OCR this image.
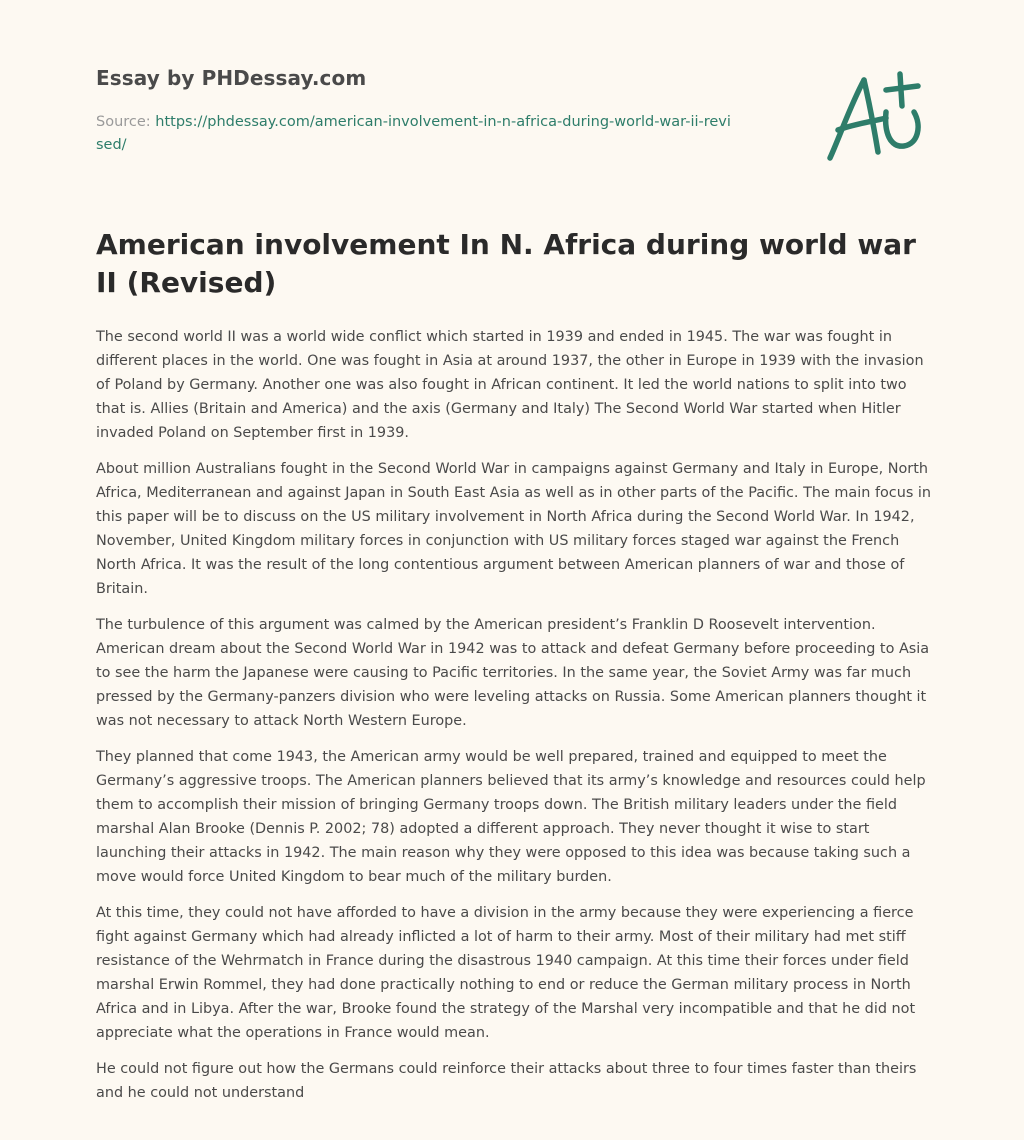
Essay by PHDessay.com

Source: https://phdessay.com/american-involvement-in-n-africa-during-world-war-ii-revised/

American involvement In N. Africa during world war II (Revised)

The second world II was a world wide conflict which started in 1939 and ended in 1945. The war was fought in different places in the world. One was fought in Asia at around 1937, the other in Europe in 1939 with the invasion of Poland by Germany. Another one was also fought in African continent. It led the world nations to split into two that is. Allies (Britain and America) and the axis (Germany and Italy) The Second World War started when Hitler invaded Poland on September first in 1939.

About million Australians fought in the Second World War in campaigns against Germany and Italy in Europe, North Africa, Mediterranean and against Japan in South East Asia as well as in other parts of the Pacific. The main focus in this paper will be to discuss on the US military involvement in North Africa during the Second World War. In 1942, November, United Kingdom military forces in conjunction with US military forces staged war against the French North Africa. It was the result of the long contentious argument between American planners of war and those of Britain.

The turbulence of this argument was calmed by the American president’s Franklin D Roosevelt intervention. American dream about the Second World War in 1942 was to attack and defeat Germany before proceeding to Asia to see the harm the Japanese were causing to Pacific territories. In the same year, the Soviet Army was far much pressed by the Germany-panzers division who were leveling attacks on Russia. Some American planners thought it was not necessary to attack North Western Europe.

They planned that come 1943, the American army would be well prepared, trained and equipped to meet the Germany’s aggressive troops. The American planners believed that its army’s knowledge and resources could help them to accomplish their mission of bringing Germany troops down. The British military leaders under the field marshal Alan Brooke (Dennis P. 2002; 78) adopted a different approach. They never thought it wise to start launching their attacks in 1942. The main reason why they were opposed to this idea was because taking such a move would force United Kingdom to bear much of the military burden.

At this time, they could not have afforded to have a division in the army because they were experiencing a fierce fight against Germany which had already inflicted a lot of harm to their army. Most of their military had met stiff resistance of the Wehrmatch in France during the disastrous 1940 campaign. At this time their forces under field marshal Erwin Rommel, they had done practically nothing to end or reduce the German military process in North Africa and in Libya. After the war, Brooke found the strategy of the Marshal very incompatible and that he did not appreciate what the operations in France would mean.

He could not figure out how the Germans could reinforce their attacks about three to four times faster than theirs and he could not understand
